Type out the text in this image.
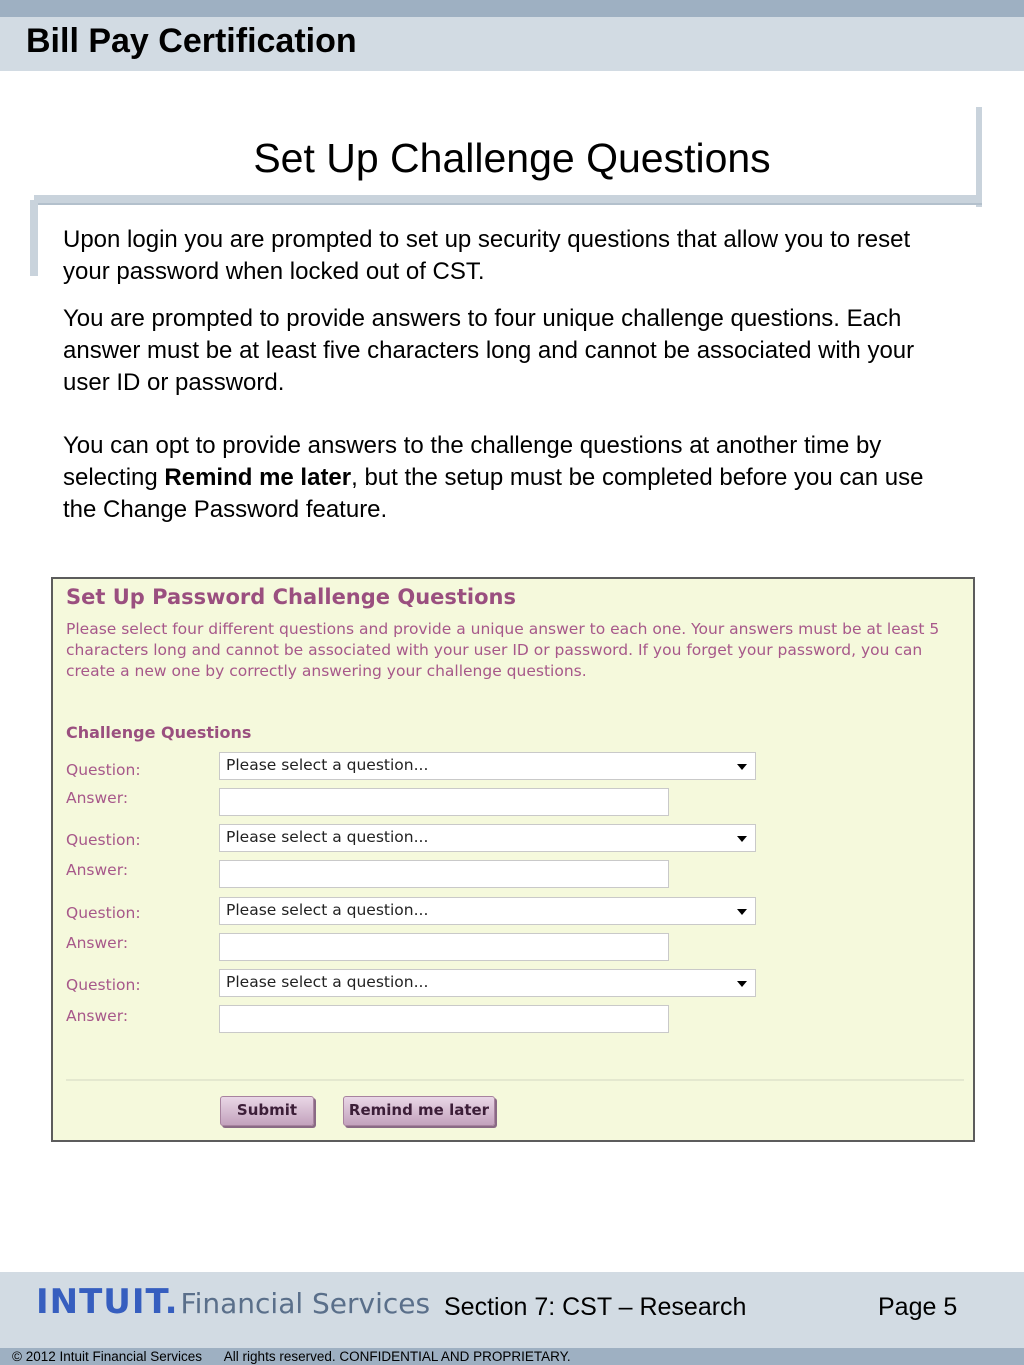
Bill Pay Certification
Set Up Challenge Questions
Upon login you are prompted to set up security questions that allow you to reset your password when locked out of CST.
You are prompted to provide answers to four unique challenge questions. Each answer must be at least five characters long and cannot be associated with your user ID or password.
You can opt to provide answers to the challenge questions at another time by selecting Remind me later, but the setup must be completed before you can use the Change Password feature.
Set Up Password Challenge Questions
Please select four different questions and provide a unique answer to each one. Your answers must be at least 5 characters long and cannot be associated with your user ID or password. If you forget your password, you can create a new one by correctly answering your challenge questions.
Challenge Questions
Question:	Please select a question...
Answer:
Question:	Please select a question...
Answer:
Question:	Please select a question...
Answer:
Question:	Please select a question...
Answer:
Submit	Remind me later
INTUIT.Financial Services Section 7: CST – Research	Page 5
© 2012 Intuit Financial Services      All rights reserved. CONFIDENTIAL AND PROPRIETARY.
